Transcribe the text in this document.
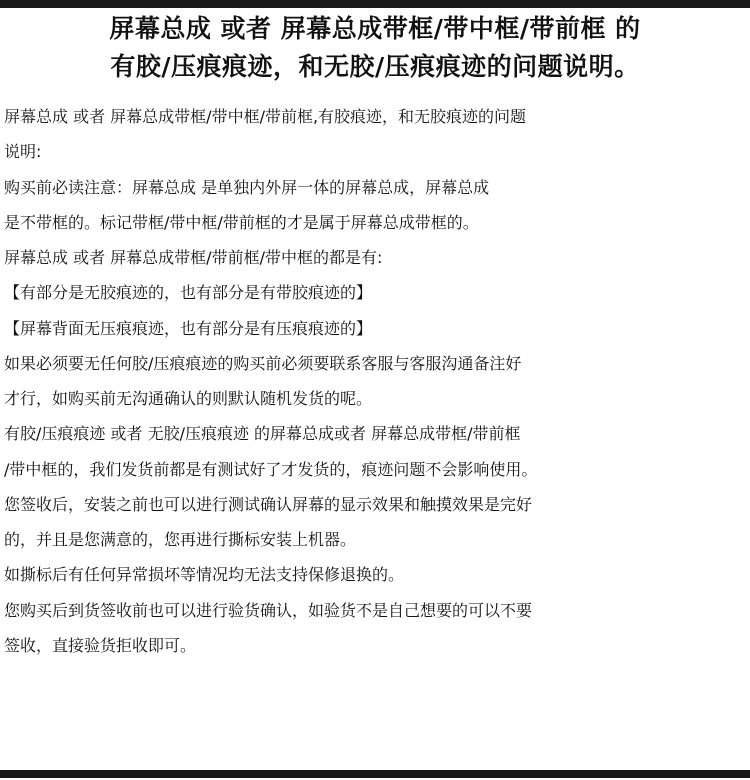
屏幕总成 或者 屏幕总成带框/带中框/带前框 的
有胶/压痕痕迹，和无胶/压痕痕迹的问题说明。
屏幕总成 或者 屏幕总成带框/带中框/带前框,有胶痕迹，和无胶痕迹的问题
说明:
购买前必读注意：屏幕总成 是单独内外屏一体的屏幕总成，屏幕总成
是不带框的。标记带框/带中框/带前框的才是属于屏幕总成带框的。
屏幕总成 或者 屏幕总成带框/带前框/带中框的都是有:
【有部分是无胶痕迹的，也有部分是有带胶痕迹的】
【屏幕背面无压痕痕迹，也有部分是有压痕痕迹的】
如果必须要无任何胶/压痕痕迹的购买前必须要联系客服与客服沟通备注好
才行，如购买前无沟通确认的则默认随机发货的呢。
有胶/压痕痕迹 或者 无胶/压痕痕迹 的屏幕总成或者 屏幕总成带框/带前框
/带中框的，我们发货前都是有测试好了才发货的，痕迹问题不会影响使用。
您签收后，安装之前也可以进行测试确认屏幕的显示效果和触摸效果是完好
的，并且是您满意的，您再进行撕标安装上机器。
如撕标后有任何异常损坏等情况均无法支持保修退换的。
您购买后到货签收前也可以进行验货确认，如验货不是自己想要的可以不要
签收，直接验货拒收即可。
